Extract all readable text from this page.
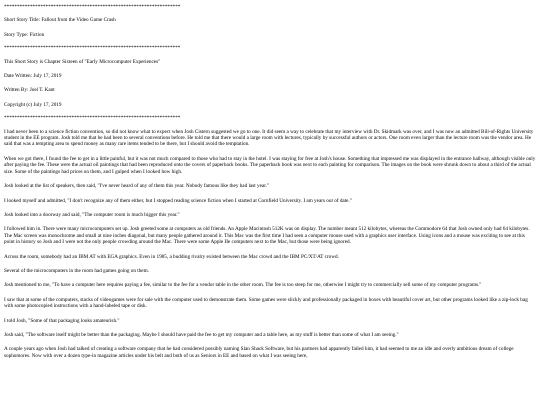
********************************************************************

Short Story Title: Fallout from the Video Game Crash

Story Type: Fiction

********************************************************************

This Short Story is Chapter Sixteen of "Early Microcomputer Experiences"

Date Written: July 17, 2019

Written By: Joel T. Kant

Copyright (c) July 17, 2019

********************************************************************

I had never been to a science fiction convention, so did not know what to expect when Josh Cistern suggested we go to one. It did seem a way to celebrate that my interview with Dr. Skidmark was over, and I was now an admitted Bill-of-Rights University student in the EE program. Josh told me that he had been to several conventions before. He told me that there would a large room with lectures, typically by successful authors or actors. One room even larger than the lecture room was the vendor area. He said that was a tempting area to spend money as many rare items tended to be there, but I should avoid the temptation.

When we got there, I found the fee to get in a little painful, but it was not much compared to those who had to stay in the hotel. I was staying for free at Josh's house. Something that impressed me was displayed in the entrance hallway, although visible only after paying the fee. These were the actual oil paintings that had been reproduced onto the covers of paperback books. The paperback book was next to each painting for comparison. The images on the book were shrunk down to about a third of the actual size. Some of the paintings had prices on them, and I gulped when I looked how high.

Josh looked at the list of speakers, then said, "I've never heard of any of them this year. Nobody famous like they had last year."

I looked myself and admitted, "I don't recognize any of them either, but I stopped reading science fiction when I started at Cornfield University. I am years out of date."

Josh looked into a doorway and said, "The computer room is much bigger this year."

I followed him in. There were many microcomputers set up. Josh greeted some at computers as old friends. An Apple Macintosh 512K was on display. The number meant 512 kilobytes, whereas the Commodore 64 that Josh owned only had 64 kilobytes. The Mac screen was monochrome and small at nine inches diagonal, but many people gathered around it. This Mac was the first time I had seen a computer mouse used with a graphics user interface. Using icons and a mouse was exciting to see at this point in history so Josh and I were not the only people crowding around the Mac. There were some Apple IIe computers next to the Mac, but those were being ignored.

Across the room, somebody had an IBM AT with EGA graphics. Even in 1985, a budding rivalry existed between the Mac crowd and the IBM PC/XT/AT crowd.

Several of the microcomputers in the room had games going on them.

Josh mentioned to me, "To have a computer here requires paying a fee, similar to the fee for a vendor table in the other room. The fee is too steep for me, otherwise I might try to commercially sell some of my computer programs."

I saw that at some of the computers, stacks of videogames were for sale with the computer used to demonstrate them. Some games were slickly and professionally packaged in boxes with beautiful cover art, but other programs looked like a zip-lock bag with some photocopied instructions with a hand-labeled tape or disk.

I told Josh, "Some of that packaging looks amateurish."

Josh said, "The software itself might be better than the packaging. Maybe I should have paid the fee to get my computer and a table here, as my stuff is better than some of what I am seeing."

A couple years ago when Josh had talked of creating a software company that he had considered possibly naming Slan Shack Software, but his partners had apparently failed him, it had seemed to me an idle and overly ambitious dream of college sophomores. Now with over a dozen type-in magazine articles under his belt and both of us as Seniors in EE and based on what I was seeing here,
